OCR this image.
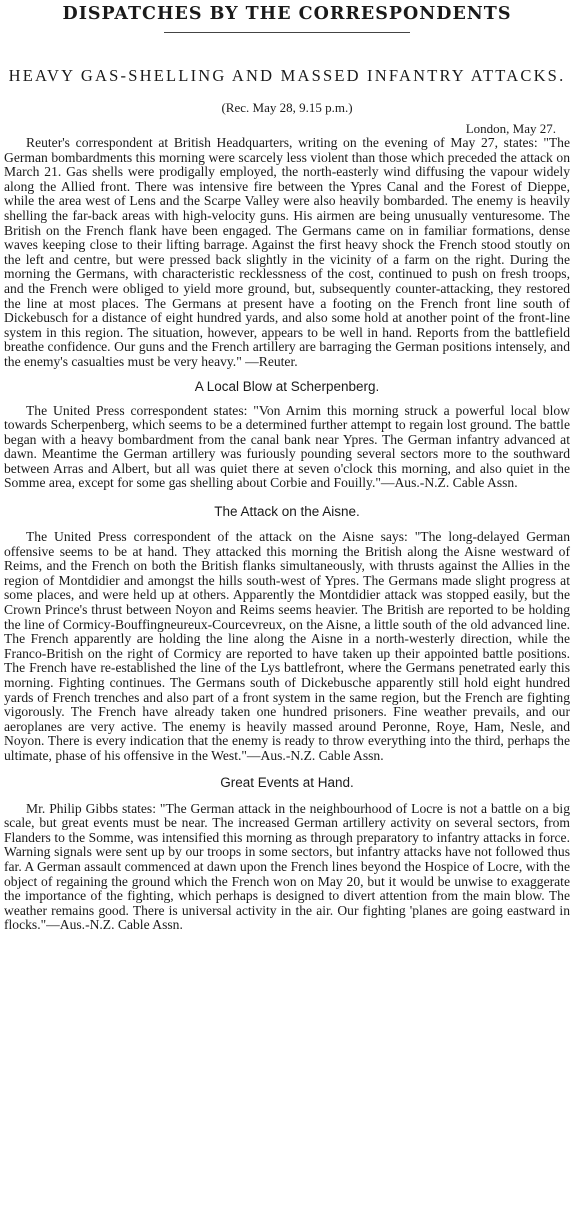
DISPATCHES BY THE CORRESPONDENTS
HEAVY GAS-SHELLING AND MASSED INFANTRY ATTACKS.
(Rec. May 28, 9.15 p.m.)
London, May 27.

Reuter's correspondent at British Headquarters, writing on the evening of May 27, states: "The German bombardments this morning were scarcely less violent than those which preceded the attack on March 21. Gas shells were prodigally employed, the north-easterly wind diffusing the vapour widely along the Allied front. There was intensive fire between the Ypres Canal and the Forest of Dieppe, while the area west of Lens and the Scarpe Valley were also heavily bombarded. The enemy is heavily shelling the far-back areas with high-velocity guns. His airmen are being unusually venturesome. The British on the French flank have been engaged. The Germans came on in familiar formations, dense waves keeping close to their lifting barrage. Against the first heavy shock the French stood stoutly on the left and centre, but were pressed back slightly in the vicinity of a farm on the right. During the morning the Germans, with characteristic recklessness of the cost, continued to push on fresh troops, and the French were obliged to yield more ground, but, subsequently counter-attacking, they restored the line at most places. The Germans at present have a footing on the French front line south of Dickebusch for a distance of eight hundred yards, and also some hold at another point of the front-line system in this region. The situation, however, appears to be well in hand. Reports from the battlefield breathe confidence. Our guns and the French artillery are barraging the German positions intensely, and the enemy's casualties must be very heavy." —Reuter.

A Local Blow at Scherpenberg.

The United Press correspondent states: "Von Arnim this morning struck a powerful local blow towards Scherpenberg, which seems to be a determined further attempt to regain lost ground. The battle began with a heavy bombardment from the canal bank near Ypres. The German infantry advanced at dawn. Meantime the German artillery was furiously pounding several sectors more to the southward between Arras and Albert, but all was quiet there at seven o'clock this morning, and also quiet in the Somme area, except for some gas shelling about Corbie and Fouilly."—Aus.-N.Z. Cable Assn.

The Attack on the Aisne.

The United Press correspondent of the attack on the Aisne says: "The long-delayed German offensive seems to be at hand. They attacked this morning the British along the Aisne westward of Reims, and the French on both the British flanks simultaneously, with thrusts against the Allies in the region of Montdidier and amongst the hills south-west of Ypres. The Germans made slight progress at some places, and were held up at others. Apparently the Montdidier attack was stopped easily, but the Crown Prince's thrust between Noyon and Reims seems heavier. The British are reported to be holding the line of Cormicy-Bouffingneureux-Courcevreux, on the Aisne, a little south of the old advanced line. The French apparently are holding the line along the Aisne in a north-westerly direction, while the Franco-British on the right of Cormicy are reported to have taken up their appointed battle positions. The French have re-established the line of the Lys battlefront, where the Germans penetrated early this morning. Fighting continues. The Germans south of Dickebusche apparently still hold eight hundred yards of French trenches and also part of a front system in the same region, but the French are fighting vigorously. The French have already taken one hundred prisoners. Fine weather prevails, and our aeroplanes are very active. The enemy is heavily massed around Peronne, Roye, Ham, Nesle, and Noyon. There is every indication that the enemy is ready to throw everything into the third, perhaps the ultimate, phase of his offensive in the West."—Aus.-N.Z. Cable Assn.

Great Events at Hand.

Mr. Philip Gibbs states: "The German attack in the neighbourhood of Locre is not a battle on a big scale, but great events must be near. The increased German artillery activity on several sectors, from Flanders to the Somme, was intensified this morning as through preparatory to infantry attacks in force. Warning signals were sent up by our troops in some sectors, but infantry attacks have not followed thus far. A German assault commenced at dawn upon the French lines beyond the Hospice of Locre, with the object of regaining the ground which the French won on May 20, but it would be unwise to exaggerate the importance of the fighting, which perhaps is designed to divert attention from the main blow. The weather remains good. There is universal activity in the air. Our fighting 'planes are going eastward in flocks."—Aus.-N.Z. Cable Assn.
